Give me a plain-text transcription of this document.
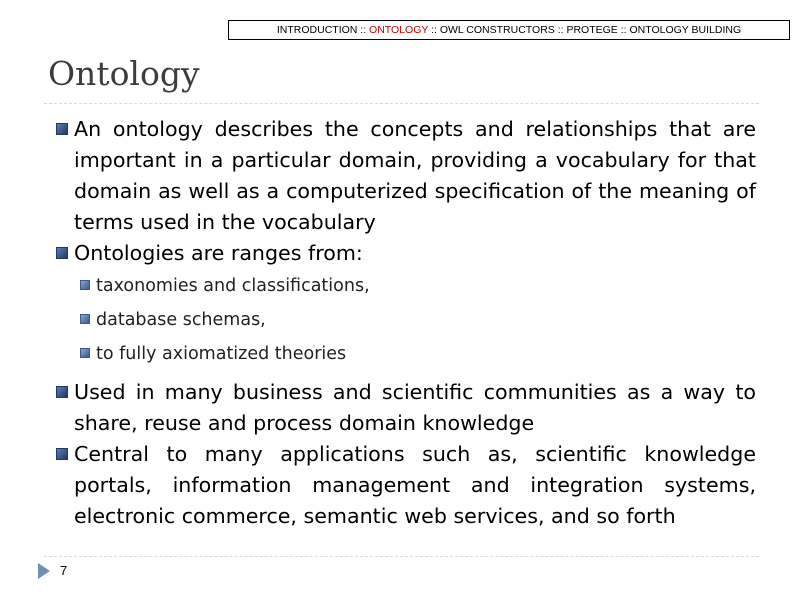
INTRODUCTION :: ONTOLOGY :: OWL CONSTRUCTORS :: PROTEGE :: ONTOLOGY BUILDING
Ontology
An ontology describes the concepts and relationships that are important in a particular domain, providing a vocabulary for that domain as well as a computerized specification of the meaning of terms used in the vocabulary
Ontologies are ranges from:
taxonomies and classifications,
database schemas,
to fully axiomatized theories
Used in many business and scientific communities as a way to share, reuse and process domain knowledge
Central to many applications such as, scientific knowledge portals, information management and integration systems, electronic commerce, semantic web services, and so forth
7
